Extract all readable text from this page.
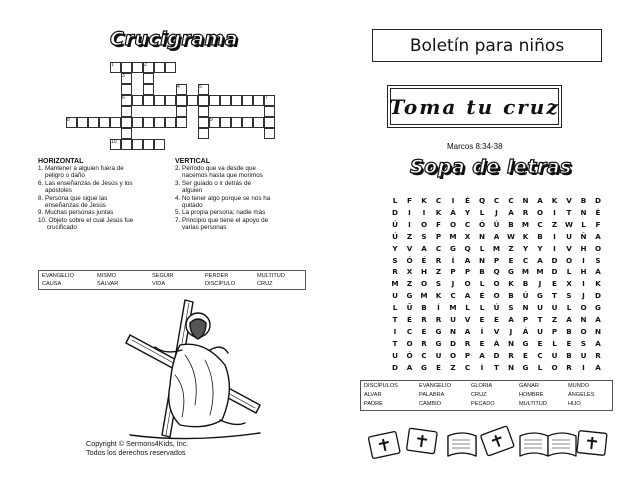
Crucigrama
1	2
3
4	5
6	7
8	9
10
HORIZONTAL
1. Mantener a alguien fuera de
peligro o daño
6. Las enseñanzas de Jesús y los
apóstoles
8. Persona que sigue las
enseñanzas de Jesús
9. Muchas personas juntas
10. Objeto sobre el cual Jesús fue
crucificado
VERTICAL
2. Período que va desde que
nacemos hasta que morimos
3. Ser guiado o ir detrás de
alguien
4. No tener algo porque se nos ha
quitado
5. La propia persona; nadie más
7. Principio que tiene el apoyo de
varias personas
EVANGELIO	MISMO	SEGUIR	PERDER	MULTITUD
CAUSA	SALVAR	VIDA	DISCÍPULO	CRUZ
Copyright © Sermons4Kids, Inc.
Todos los derechos reservados
Boletín para niños
Toma tu cruz
Marcos 8:34-38
Sopa de letras
L	F	K	C	I	É	Q	C	C	N	A	K	V	B	D
D	I	I	K	Á	Y	L	J	A	R	O	I	T	N	É
Ú	I	O	F	O	C	Ó	Ú	B	M	C	Z	W	L	F
Ú	Z	S	P	M	X	N	A	W	K	B	I	U	Ñ	A
Y	V	A	C	G	Q	L	M	Z	Y	Y	I	V	H	O
S	Ó	É	R	Í	A	N	P	E	C	A	D	O	I	S
R	X	H	Z	P	P	B	Q	G	M	M	D	L	H	A
M	Z	O	S	J	O	L	O	K	B	J	E	X	I	K
U	G	M	K	C	A	É	O	B	Ú	G	T	S	J	D
L	Ü	B	Í	M	L	L	Ú	S	N	U	U	L	O	G
T	É	R	R	U	V	E	E	A	P	T	Z	A	N	A
I	C	E	G	N	A	Í	V	J	Á	U	P	B	O	N
T	O	R	G	D	R	E	Á	N	G	E	L	E	S	A
U	Ó	C	U	O	P	A	D	R	E	C	U	B	U	R
D	A	G	E	Z	C	Í	T	N	G	L	O	R	I	A
DISCÍPULOS	EVANGELIO	GLORIA	GANAR	MUNDO
ALVAR	PALABRA	CRUZ	HOMBRE	ÁNGELES
PADRE	CAMBIO	PECADO	MULTITUD	HIJO
